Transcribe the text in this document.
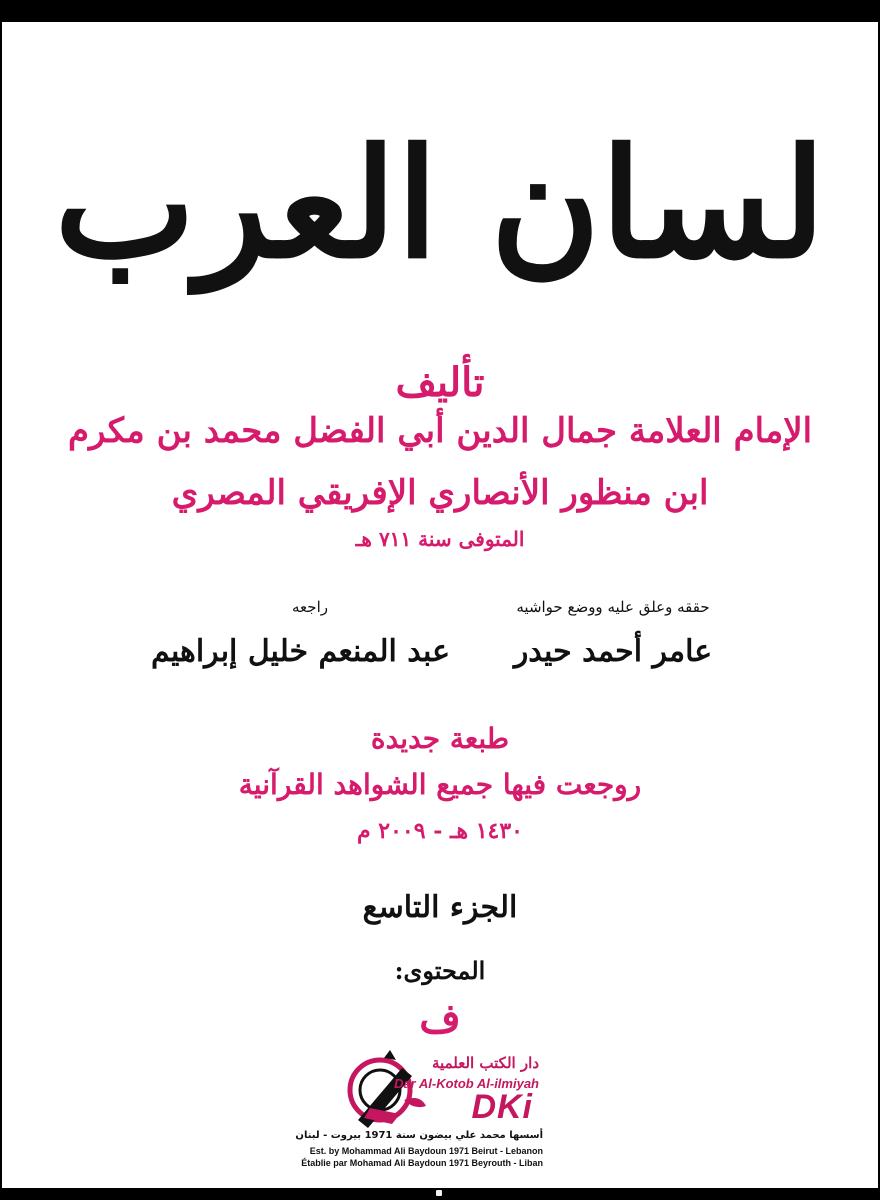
لسان العرب
تأليف
الإمام العلامة جمال الدين أبي الفضل محمد بن مكرم
ابن منظور الأنصاري الإفريقي المصري
المتوفى سنة ٧١١ هـ
حققه وعلق عليه ووضع حواشيه
عامر أحمد حيدر
راجعه
عبد المنعم خليل إبراهيم
طبعة جديدة
روجعت فيها جميع الشواهد القرآنية
١٤٣٠ هـ - ٢٠٠٩ م
الجزء التاسع
المحتوى:
ف
دار الكتب العلمية
Dar Al-Kotob Al-ilmiyah
DKi
أسسها محمد علي بيضون سنة 1971 بيروت - لبنان
Est. by Mohammad Ali Baydoun 1971 Beirut - Lebanon
Établie par Mohamad Ali Baydoun 1971 Beyrouth - Liban
